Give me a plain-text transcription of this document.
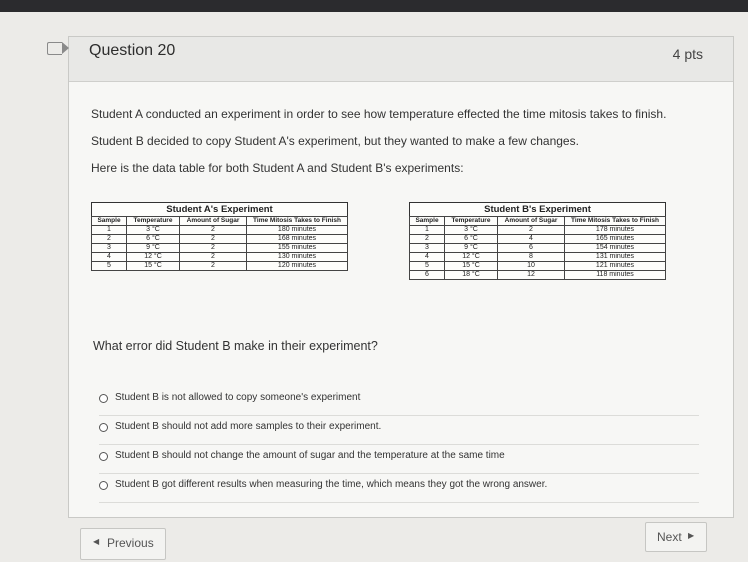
Question 20	4 pts

Student A conducted an experiment in order to see how temperature effected the time mitosis takes to finish.

Student B decided to copy Student A's experiment, but they wanted to make a few changes.

Here is the data table for both Student A and Student B's experiments:

Student A's Experiment
Sample	Temperature	Amount of Sugar	Time Mitosis Takes to Finish
1	3 °C	2	180 minutes
2	6 °C	2	168 minutes
3	9 °C	2	155 minutes
4	12 °C	2	130 minutes
5	15 °C	2	120 minutes
Student B's Experiment
Sample	Temperature	Amount of Sugar	Time Mitosis Takes to Finish
1	3 °C	2	178 minutes
2	6 °C	4	165 minutes
3	9 °C	6	154 minutes
4	12 °C	8	131 minutes
5	15 °C	10	121 minutes
6	18 °C	12	118 minutes
What error did Student B make in their experiment?
Student B is not allowed to copy someone's experiment
Student B should not add more samples to their experiment.
Student B should not change the amount of sugar and the temperature at the same time
Student B got different results when measuring the time, which means they got the wrong answer.
◀ Previous	Next ▶
